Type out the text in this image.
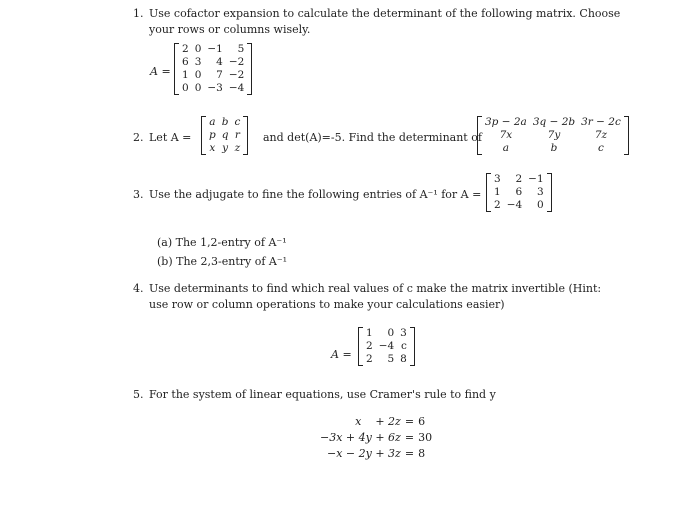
1. Use cofactor expansion to calculate the determinant of the following matrix. Choose
your rows or columns wisely.
A =
2	0	−1	5
6	3	4	−2
1	0	7	−2
0	0	−3	−4
2. Let A =
a	b	c
p	q	r
x	y	z
and det(A)=-5. Find the determinant of
3p − 2a	3q − 2b	3r − 2c
7x	7y	7z
a	b	c
3. Use the adjugate to fine the following entries of A⁻¹ for A =
3	2	−1
1	6	3
2	−4	0
(a) The 1,2-entry of A⁻¹
(b) The 2,3-entry of A⁻¹
4. Use determinants to find which real values of c make the matrix invertible (Hint:
use row or column operations to make your calculations easier)
A =
1	0	3
2	−4	c
2	5	8
5. For the system of linear equations, use Cramer's rule to find y
x    + 2z	=	6
−3x + 4y + 6z	=	30
−x − 2y + 3z	=	8
